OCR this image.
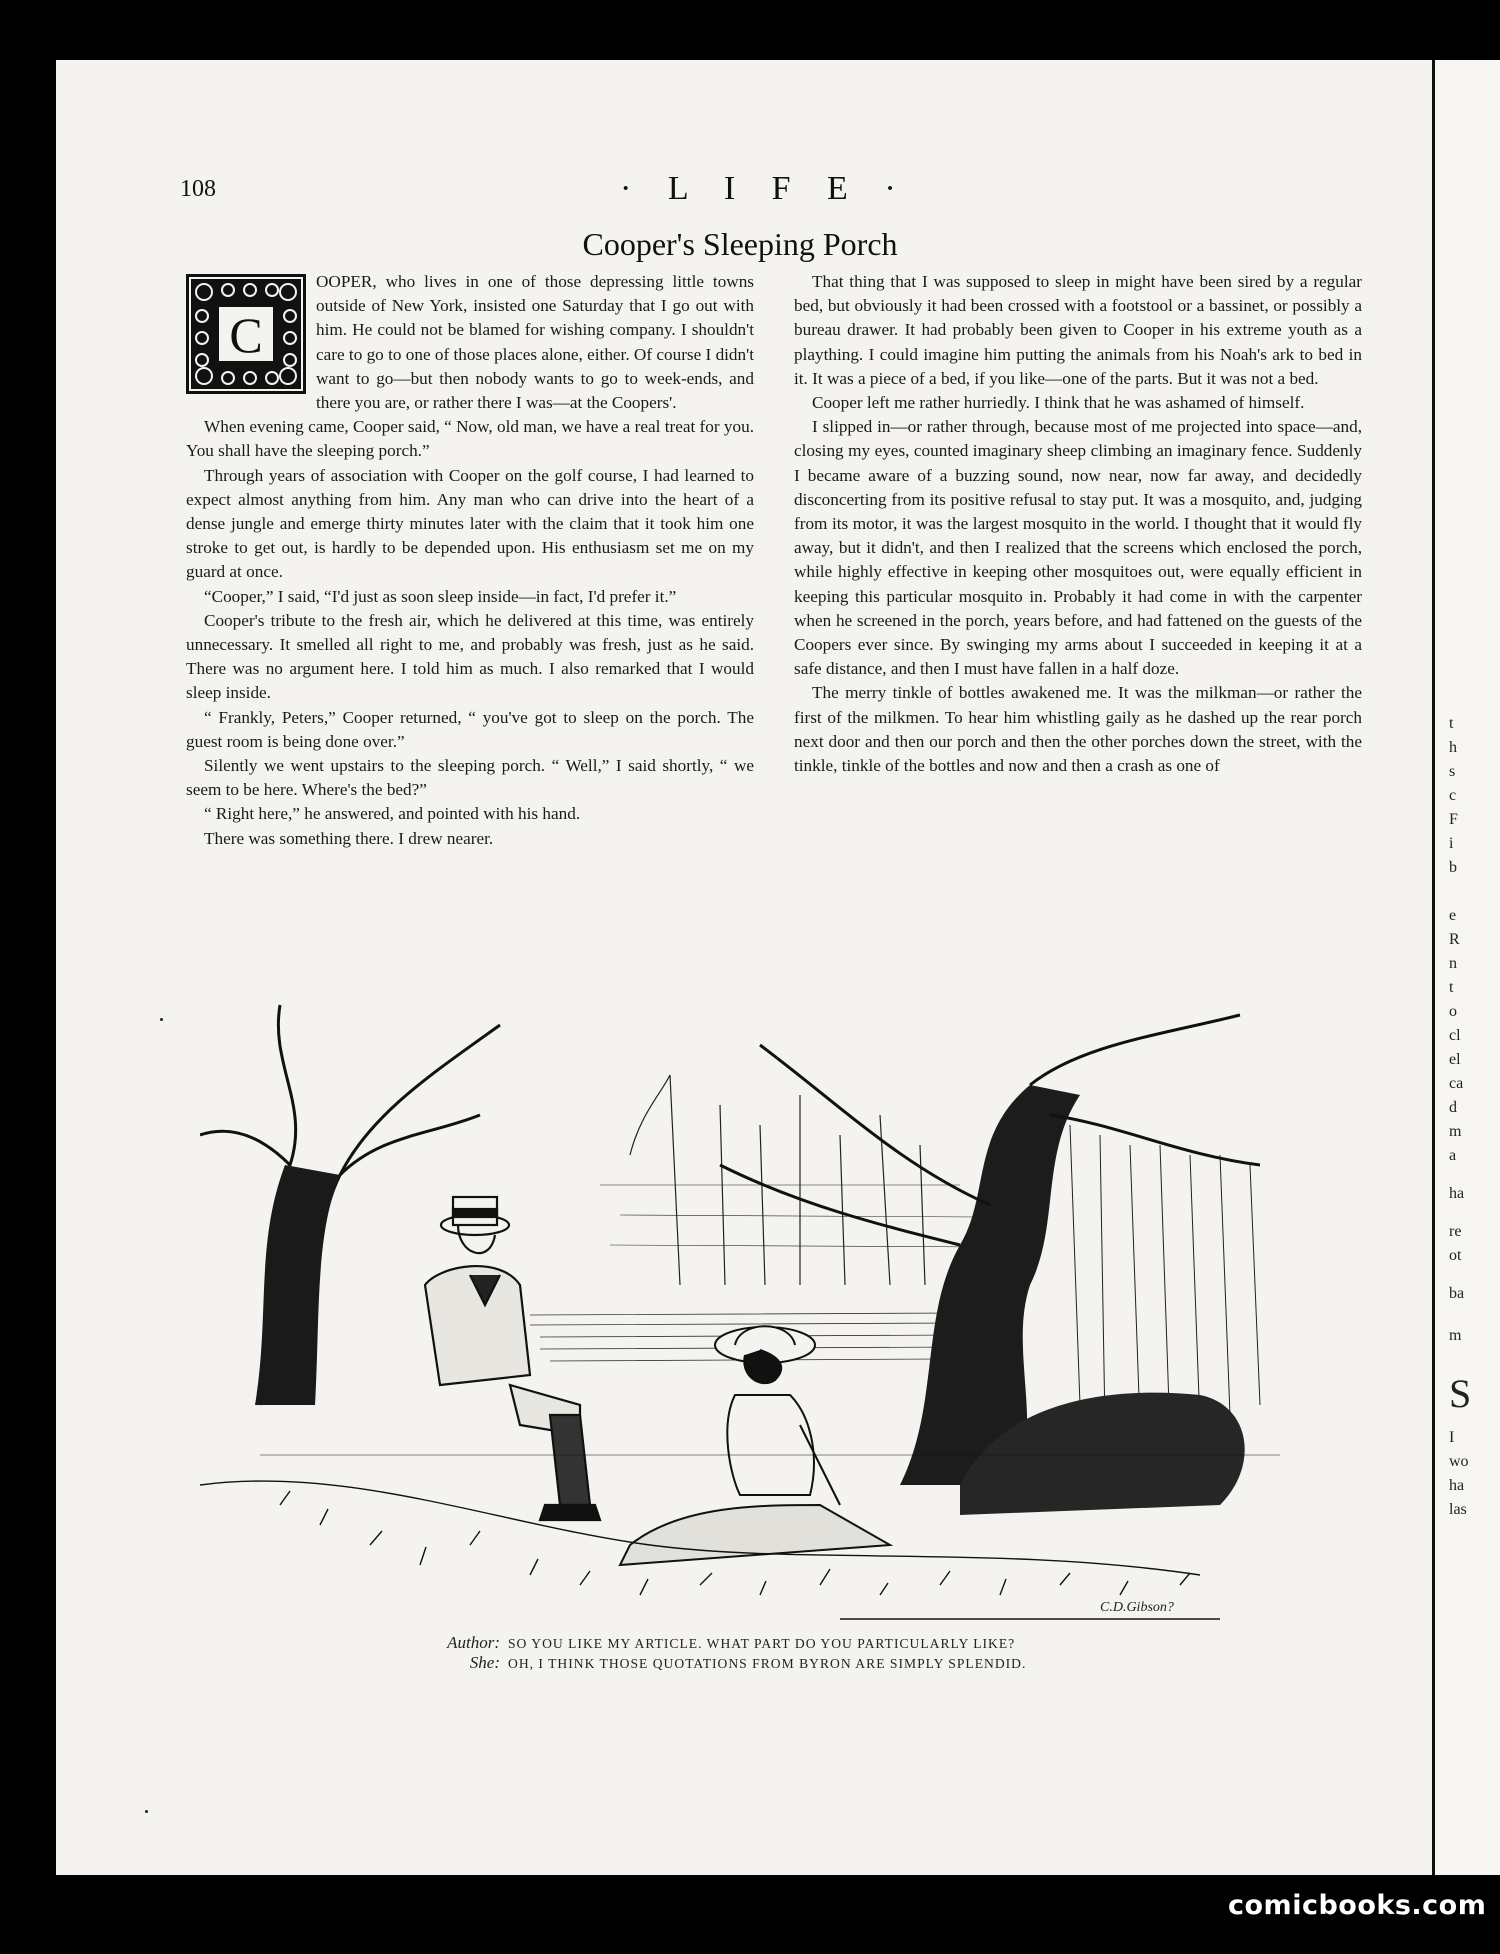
t
h
s
c
F
i
b
e
R
n
t
o
cl
el
ca
d
m
a
ha
re
ot
ba
m
S
I
wo
ha
las
108	· L I F E ·
Cooper's Sleeping Porch
C

OOPER, who lives in one of those depressing little towns outside of New York, insisted one Saturday that I go out with him. He could not be blamed for wishing company. I shouldn't care to go to one of those places alone, either. Of course I didn't want to go—but then nobody wants to go to week-ends, and there you are, or rather there I was—at the Coopers'.

When evening came, Cooper said, “ Now, old man, we have a real treat for you. You shall have the sleeping porch.”

Through years of association with Cooper on the golf course, I had learned to expect almost anything from him. Any man who can drive into the heart of a dense jungle and emerge thirty minutes later with the claim that it took him one stroke to get out, is hardly to be depended upon. His enthusiasm set me on my guard at once.

“Cooper,” I said, “I'd just as soon sleep inside—in fact, I'd prefer it.”

Cooper's tribute to the fresh air, which he delivered at this time, was entirely unnecessary. It smelled all right to me, and probably was fresh, just as he said. There was no argument here. I told him as much. I also remarked that I would sleep inside.

“ Frankly, Peters,” Cooper returned, “ you've got to sleep on the porch. The guest room is being done over.”

Silently we went upstairs to the sleeping porch. “ Well,” I said shortly, “ we seem to be here. Where's the bed?”

“ Right here,” he answered, and pointed with his hand.

There was something there. I drew nearer.

That thing that I was supposed to sleep in might have been sired by a regular bed, but obviously it had been crossed with a footstool or a bassinet, or possibly a bureau drawer. It had probably been given to Cooper in his extreme youth as a plaything. I could imagine him putting the animals from his Noah's ark to bed in it. It was a piece of a bed, if you like—one of the parts. But it was not a bed.

Cooper left me rather hurriedly. I think that he was ashamed of himself.

I slipped in—or rather through, because most of me projected into space—and, closing my eyes, counted imaginary sheep climbing an imaginary fence. Suddenly I became aware of a buzzing sound, now near, now far away, and decidedly disconcerting from its positive refusal to stay put. It was a mosquito, and, judging from its motor, it was the largest mosquito in the world. I thought that it would fly away, but it didn't, and then I realized that the screens which enclosed the porch, while highly effective in keeping other mosquitoes out, were equally efficient in keeping this particular mosquito in. Probably it had come in with the carpenter when he screened in the porch, years before, and had fattened on the guests of the Coopers ever since. By swinging my arms about I succeeded in keeping it at a safe distance, and then I must have fallen in a half doze.

The merry tinkle of bottles awakened me. It was the milkman—or rather the first of the milkmen. To hear him whistling gaily as he dashed up the rear porch next door and then our porch and then the other porches down the street, with the tinkle, tinkle of the bottles and now and then a crash as one of

C.D.Gibson?
Author: SO YOU LIKE MY ARTICLE. WHAT PART DO YOU PARTICULARLY LIKE?
She: OH, I THINK THOSE QUOTATIONS FROM BYRON ARE SIMPLY SPLENDID.
comicbooks.com
